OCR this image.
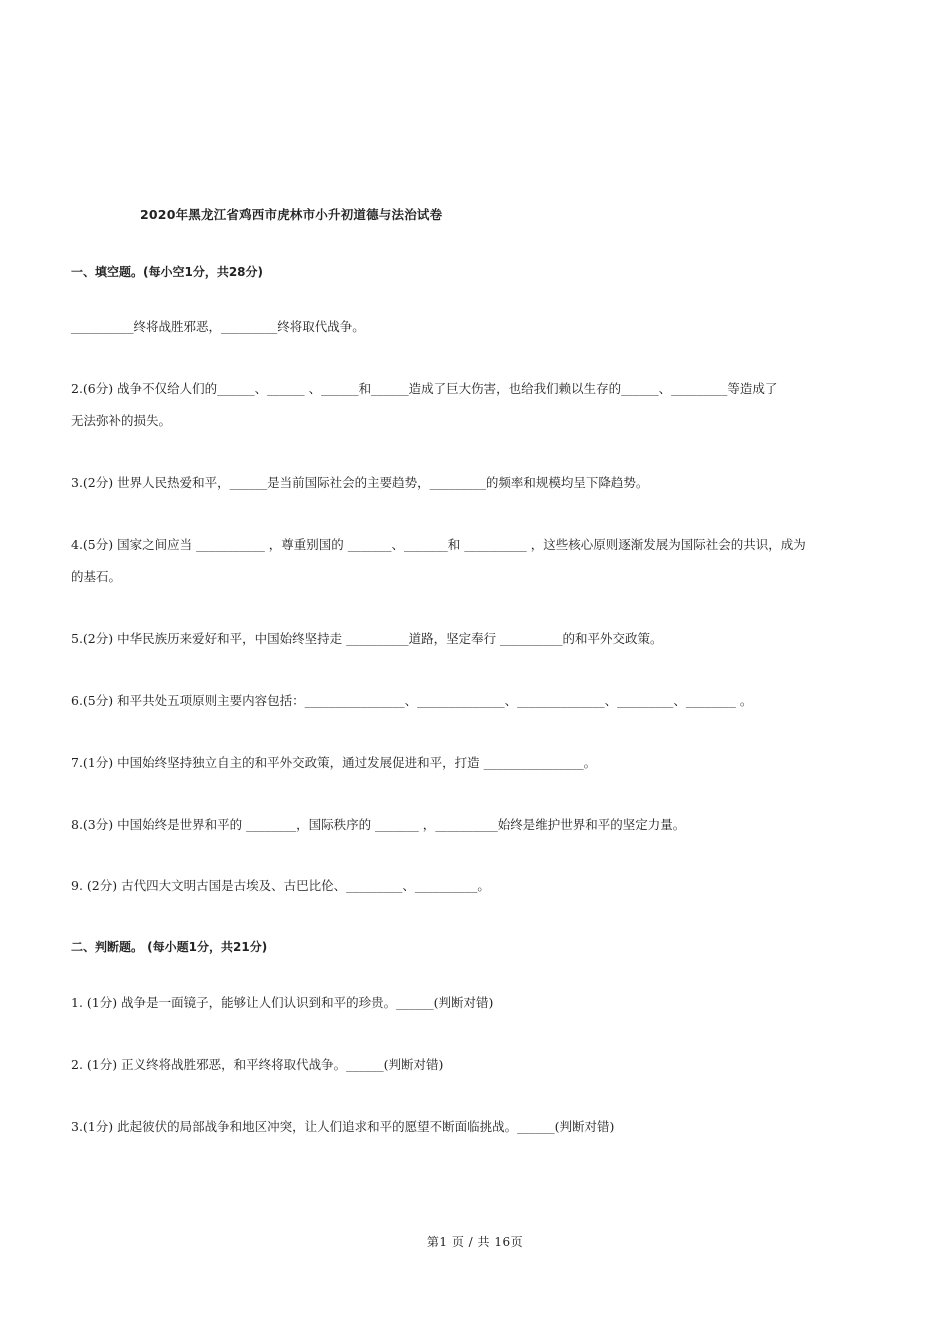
2020年黑龙江省鸡西市虎林市小升初道德与法治试卷
一、填空题。(每小空1分，共28分)
__________终将战胜邪恶，_________终将取代战争。
2.(6分) 战争不仅给人们的______、______ 、______和______造成了巨大伤害，也给我们赖以生存的______、_________等造成了
无法弥补的损失。
3.(2分) 世界人民热爱和平，______是当前国际社会的主要趋势，_________的频率和规模均呈下降趋势。
4.(5分) 国家之间应当 ___________ ，尊重别国的 _______、_______和 __________ ，这些核心原则逐渐发展为国际社会的共识，成为
的基石。
5.(2分) 中华民族历来爱好和平，中国始终坚持走 __________道路，坚定奉行 __________的和平外交政策。
6.(5分) 和平共处五项原则主要内容包括：________________、______________、______________、_________、________ 。
7.(1分) 中国始终坚持独立自主的和平外交政策，通过发展促进和平，打造 ________________。
8.(3分) 中国始终是世界和平的 ________，国际秩序的 _______ ，__________始终是维护世界和平的坚定力量。
9. (2分) 古代四大文明古国是古埃及、古巴比伦、_________、__________。
二、判断题。 (每小题1分，共21分)
1. (1分) 战争是一面镜子，能够让人们认识到和平的珍贵。______(判断对错)
2. (1分) 正义终将战胜邪恶，和平终将取代战争。______(判断对错)
3.(1分) 此起彼伏的局部战争和地区冲突，让人们追求和平的愿望不断面临挑战。______(判断对错)
第1 页 / 共 16页
